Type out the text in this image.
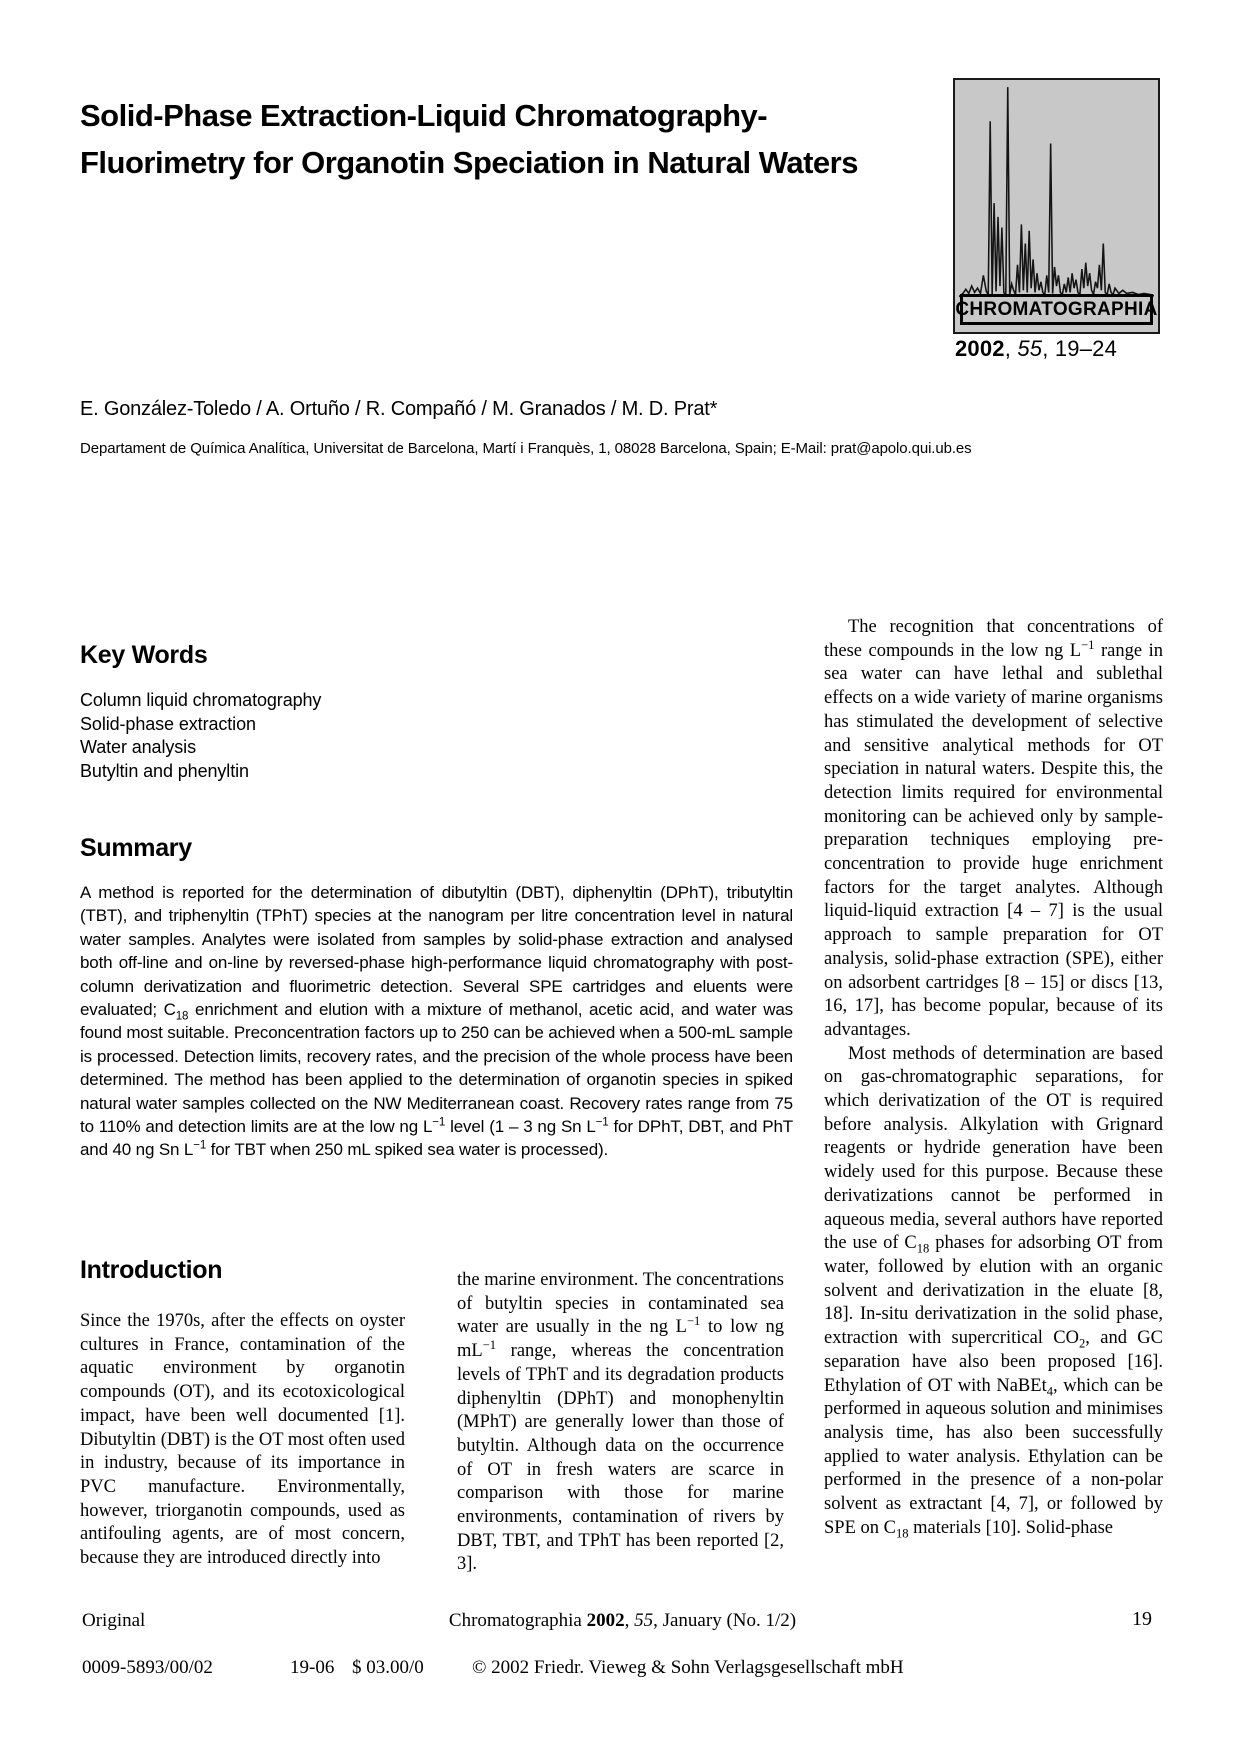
Solid-Phase Extraction-Liquid Chromatography-Fluorimetry for Organotin Speciation in Natural Waters
CHROMATOGRAPHIA
2002, 55, 19–24
E. González-Toledo / A. Ortuño / R. Compañó / M. Granados / M. D. Prat*
Departament de Química Analítica, Universitat de Barcelona, Martí i Franquès, 1, 08028 Barcelona, Spain; E-Mail: prat@apolo.qui.ub.es
Key Words
Column liquid chromatography
Solid-phase extraction
Water analysis
Butyltin and phenyltin
Summary

A method is reported for the determination of dibutyltin (DBT), diphenyltin (DPhT), tributyltin (TBT), and triphenyltin (TPhT) species at the nanogram per litre concentration level in natural water samples. Analytes were isolated from samples by solid-phase extraction and analysed both off-line and on-line by reversed-phase high-performance liquid chromatography with post-column derivatization and fluorimetric detection. Several SPE cartridges and eluents were evaluated; $C_{18}$ enrichment and elution with a mixture of methanol, acetic acid, and water was found most suitable. Preconcentration factors up to 250 can be achieved when a 500-mL sample is processed. Detection limits, recovery rates, and the precision of the whole process have been determined. The method has been applied to the determination of organotin species in spiked natural water samples collected on the NW Mediterranean coast. Recovery rates range from 75 to 110% and detection limits are at the low ng $L^{-1}$ level (1 – 3 ng Sn $L^{-1}$ for DPhT, DBT, and PhT and 40 ng Sn $L^{-1}$ for TBT when 250 mL spiked sea water is processed).

The recognition that concentrations of these compounds in the low ng $L^{-1}$ range in sea water can have lethal and sublethal effects on a wide variety of marine organisms has stimulated the development of selective and sensitive analytical methods for OT speciation in natural waters. Despite this, the detection limits required for environmental monitoring can be achieved only by sample-preparation techniques employing pre-concentration to provide huge enrichment factors for the target analytes. Although liquid-liquid extraction [4 – 7] is the usual approach to sample preparation for OT analysis, solid-phase extraction (SPE), either on adsorbent cartridges [8 – 15] or discs [13, 16, 17], has become popular, because of its advantages.

Most methods of determination are based on gas-chromatographic separations, for which derivatization of the OT is required before analysis. Alkylation with Grignard reagents or hydride generation have been widely used for this purpose. Because these derivatizations cannot be performed in aqueous media, several authors have reported the use of $C_{18}$ phases for adsorbing OT from water, followed by elution with an organic solvent and derivatization in the eluate [8, 18]. In-situ derivatization in the solid phase, extraction with supercritical $CO_2$, and GC separation have also been proposed [16]. Ethylation of OT with NaBEt$_4$, which can be performed in aqueous solution and minimises analysis time, has also been successfully applied to water analysis. Ethylation can be performed in the presence of a non-polar solvent as extractant [4, 7], or followed by SPE on $C_{18}$ materials [10]. Solid-phase

Introduction
Since the 1970s, after the effects on oyster cultures in France, contamination of the aquatic environment by organotin compounds (OT), and its ecotoxicological impact, have been well documented [1]. Dibutyltin (DBT) is the OT most often used in industry, because of its importance in PVC manufacture. Environmentally, however, triorganotin compounds, used as antifouling agents, are of most concern, because they are introduced directly into
the marine environment. The concentrations of butyltin species in contaminated sea water are usually in the ng $L^{-1}$ to low ng $mL^{-1}$ range, whereas the concentration levels of TPhT and its degradation products diphenyltin (DPhT) and monophenyltin (MPhT) are generally lower than those of butyltin. Although data on the occurrence of OT in fresh waters are scarce in comparison with those for marine environments, contamination of rivers by DBT, TBT, and TPhT has been reported [2, 3].
Original	Chromatographia 2002, 55, January (No. 1/2)	19
0009-5893/00/02	19-06 $ 03.00/0	© 2002 Friedr. Vieweg & Sohn Verlagsgesellschaft mbH
